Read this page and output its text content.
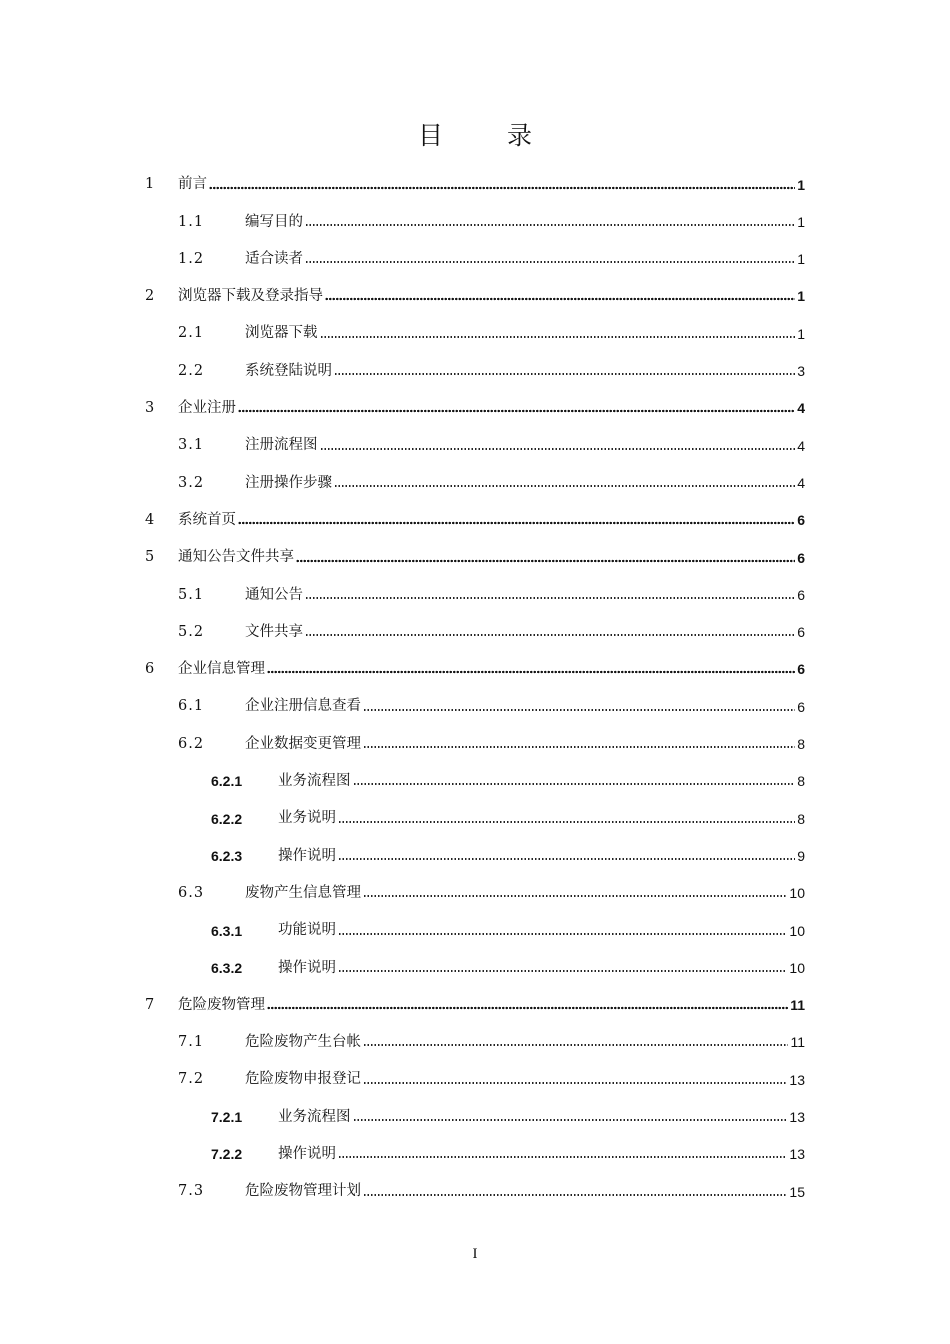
目 录
1	前言	1
1.1	编写目的	1
1.2	适合读者	1
2	浏览器下载及登录指导	1
2.1	浏览器下载	1
2.2	系统登陆说明	3
3	企业注册	4
3.1	注册流程图	4
3.2	注册操作步骤	4
4	系统首页	6
5	通知公告文件共享	6
5.1	通知公告	6
5.2	文件共享	6
6	企业信息管理	6
6.1	企业注册信息查看	6
6.2	企业数据变更管理	8
6.2.1	业务流程图	8
6.2.2	业务说明	8
6.2.3	操作说明	9
6.3	废物产生信息管理	10
6.3.1	功能说明	10
6.3.2	操作说明	10
7	危险废物管理	11
7.1	危险废物产生台帐	11
7.2	危险废物申报登记	13
7.2.1	业务流程图	13
7.2.2	操作说明	13
7.3	危险废物管理计划	15
I
